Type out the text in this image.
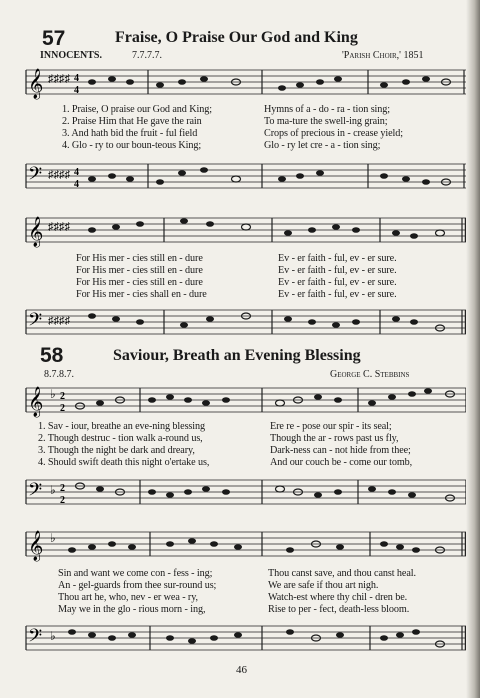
57	Fraise, O Praise Our God and King
INNOCENTS.	7.7.7.7.	'Parish Choir,' 1851
𝄞 ♯♯♯♯ 4
4
1. Praise, O praise our God and King;	Hymns of a - do - ra - tion sing;
2. Praise Him that He gave the rain	To ma-ture the swell-ing grain;
3. And hath bid the fruit - ful field	Crops of precious in - crease yield;
4. Glo - ry to our boun-teous King;	Glo - ry let cre - a - tion sing;
𝄢 ♯♯♯♯ 4
4
𝄞 ♯♯♯♯
For His mer - cies still en - dure	Ev - er faith - ful, ev - er sure.
For His mer - cies still en - dure	Ev - er faith - ful, ev - er sure.
For His mer - cies still en - dure	Ev - er faith - ful, ev - er sure.
For His mer - cies shall en - dure	Ev - er faith - ful, ev - er sure.
𝄢 ♯♯♯♯
58	Saviour, Breath an Evening Blessing
8.7.8.7.	George C. Stebbins
𝄞 ♭ 2
2
1. Sav - iour, breathe an eve-ning blessing	Ere re - pose our spir - its seal;
2. Though destruc - tion walk a-round us,	Though the ar - rows past us fly,
3. Though the night be dark and dreary,	Dark-ness can - not hide from thee;
4. Should swift death this night o'ertake us,	And our couch be - come our tomb,
𝄢 ♭ 2
2
𝄞 ♭
Sin and want we come con - fess - ing;	Thou canst save, and thou canst heal.
An - gel-guards from thee sur-round us;	We are safe if thou art nigh.
Thou art he, who, nev - er wea - ry,	Watch-est where thy chil - dren be.
May we in the glo - rious morn - ing,	Rise to per - fect, death-less bloom.
𝄢 ♭
46
